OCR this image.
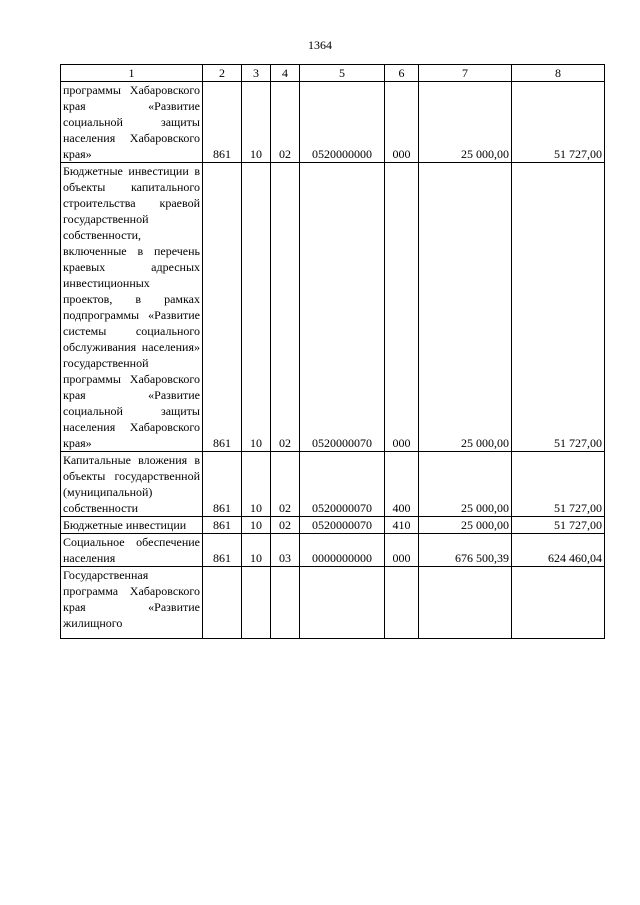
1364
1	2	3	4	5	6	7	8
программы Хабаровского края «Развитие социальной защиты населения Хабаровского края»	861	10	02	0520000000	000	25 000,00	51 727,00
Бюджетные инвестиции в объекты капитального строительства краевой государственной собственности, включенные в перечень краевых адресных инвестиционных проектов, в рамках подпрограммы «Развитие системы социального обслуживания населения» государственной программы Хабаровского края «Развитие социальной защиты населения Хабаровского края»	861	10	02	0520000070	000	25 000,00	51 727,00
Капитальные вложения в объекты государственной (муниципальной) собственности	861	10	02	0520000070	400	25 000,00	51 727,00
Бюджетные инвестиции	861	10	02	0520000070	410	25 000,00	51 727,00
Социальное обеспечение населения	861	10	03	0000000000	000	676 500,39	624 460,04
Государственная программа Хабаровского края «Развитие жилищного							
